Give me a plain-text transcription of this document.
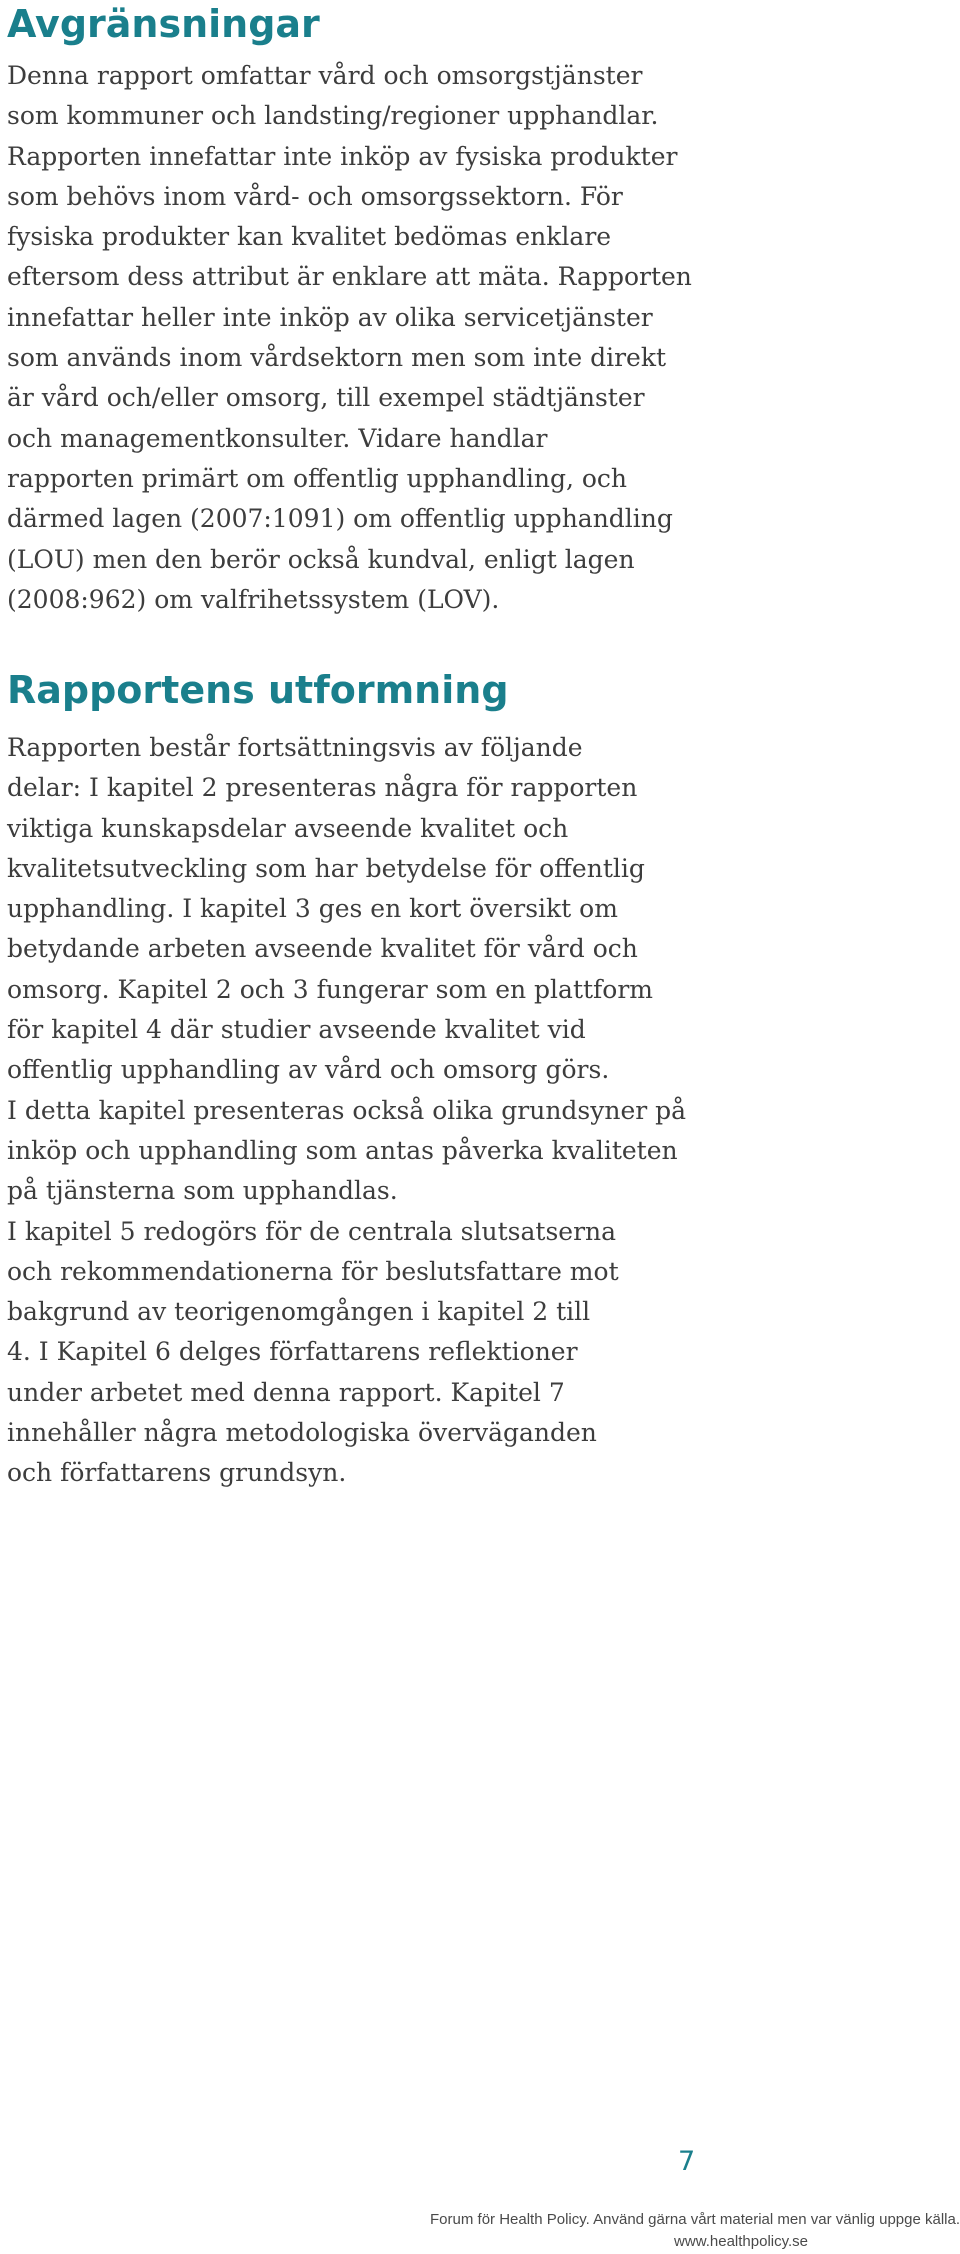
Avgränsningar
Denna rapport omfattar vård och omsorgstjänster
som kommuner och landsting/regioner upphandlar.
Rapporten innefattar inte inköp av fysiska produkter
som behövs inom vård- och omsorgssektorn. För
fysiska produkter kan kvalitet bedömas enklare
eftersom dess attribut är enklare att mäta. Rapporten
innefattar heller inte inköp av olika servicetjänster
som används inom vårdsektorn men som inte direkt
är vård och/eller omsorg, till exempel städtjänster
och managementkonsulter. Vidare handlar
rapporten primärt om offentlig upphandling, och
därmed lagen (2007:1091) om offentlig upphandling
(LOU) men den berör också kundval, enligt lagen
(2008:962) om valfrihetssystem (LOV).
Rapportens utformning
Rapporten består fortsättningsvis av följande
delar: I kapitel 2 presenteras några för rapporten
viktiga kunskapsdelar avseende kvalitet och
kvalitetsutveckling som har betydelse för offentlig
upphandling. I kapitel 3 ges en kort översikt om
betydande arbeten avseende kvalitet för vård och
omsorg. Kapitel 2 och 3 fungerar som en plattform
för kapitel 4 där studier avseende kvalitet vid
offentlig upphandling av vård och omsorg görs.
I detta kapitel presenteras också olika grundsyner på
inköp och upphandling som antas påverka kvaliteten
på tjänsterna som upphandlas.
I kapitel 5 redogörs för de centrala slutsatserna
och rekommendationerna för beslutsfattare mot
bakgrund av teorigenomgången i kapitel 2 till
4. I Kapitel 6 delges författarens reflektioner
under arbetet med denna rapport. Kapitel 7
innehåller några metodologiska överväganden
och författarens grundsyn.
7
Forum för Health Policy. Använd gärna vårt material men var vänlig uppge källa.
www.healthpolicy.se
